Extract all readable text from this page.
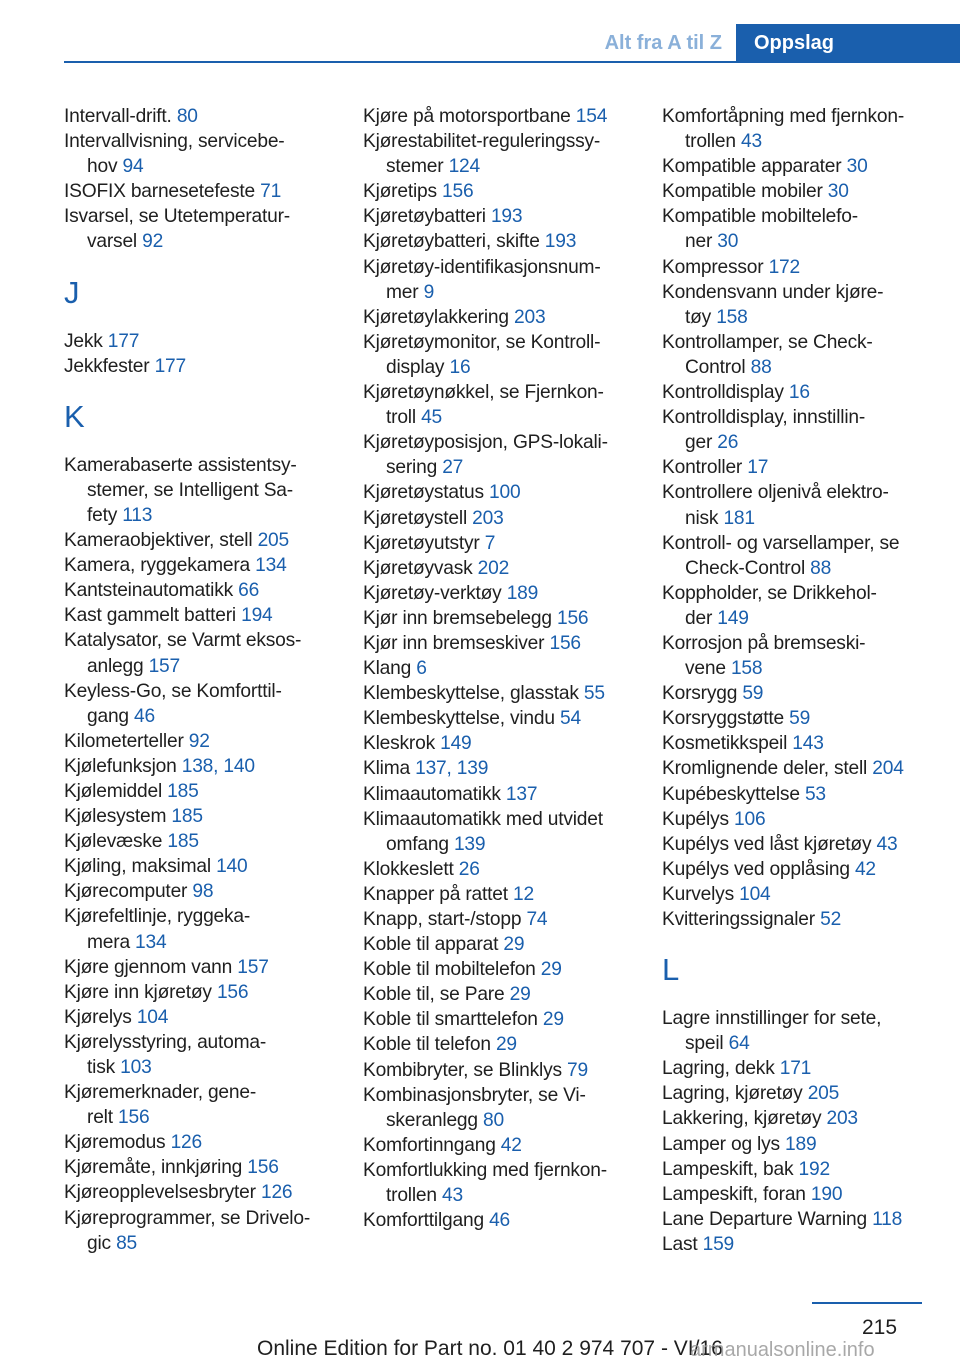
Alt fra A til Z	Oppslag
Intervall-drift. 80
Intervallvisning, servicebe-
hov 94
ISOFIX barnesetefeste 71
Isvarsel, se Utetemperatur-
varsel 92
J
Jekk 177
Jekkfester 177
K
Kamerabaserte assistentsy-
stemer, se Intelligent Sa-
fety 113
Kameraobjektiver, stell 205
Kamera, ryggekamera 134
Kantsteinautomatikk 66
Kast gammelt batteri 194
Katalysator, se Varmt eksos-
anlegg 157
Keyless-Go, se Komforttil-
gang 46
Kilometerteller 92
Kjølefunksjon 138, 140
Kjølemiddel 185
Kjølesystem 185
Kjølevæske 185
Kjøling, maksimal 140
Kjørecomputer 98
Kjørefeltlinje, ryggeka-
mera 134
Kjøre gjennom vann 157
Kjøre inn kjøretøy 156
Kjørelys 104
Kjørelysstyring, automa-
tisk 103
Kjøremerknader, gene-
relt 156
Kjøremodus 126
Kjøremåte, innkjøring 156
Kjøreopplevelsesbryter 126
Kjøreprogrammer, se Drivelo-
gic 85
Kjøre på motorsportbane 154
Kjørestabilitet-reguleringssy-
stemer 124
Kjøretips 156
Kjøretøybatteri 193
Kjøretøybatteri, skifte 193
Kjøretøy-identifikasjonsnum-
mer 9
Kjøretøylakkering 203
Kjøretøymonitor, se Kontroll-
display 16
Kjøretøynøkkel, se Fjernkon-
troll 45
Kjøretøyposisjon, GPS-lokali-
sering 27
Kjøretøystatus 100
Kjøretøystell 203
Kjøretøyutstyr 7
Kjøretøyvask 202
Kjøretøy-verktøy 189
Kjør inn bremsebelegg 156
Kjør inn bremseskiver 156
Klang 6
Klembeskyttelse, glasstak 55
Klembeskyttelse, vindu 54
Kleskrok 149
Klima 137, 139
Klimaautomatikk 137
Klimaautomatikk med utvidet
omfang 139
Klokkeslett 26
Knapper på rattet 12
Knapp, start-/stopp 74
Koble til apparat 29
Koble til mobiltelefon 29
Koble til, se Pare 29
Koble til smarttelefon 29
Koble til telefon 29
Kombibryter, se Blinklys 79
Kombinasjonsbryter, se Vi-
skeranlegg 80
Komfortinngang 42
Komfortlukking med fjernkon-
trollen 43
Komforttilgang 46
Komfortåpning med fjernkon-
trollen 43
Kompatible apparater 30
Kompatible mobiler 30
Kompatible mobiltelefo-
ner 30
Kompressor 172
Kondensvann under kjøre-
tøy 158
Kontrollamper, se Check-
Control 88
Kontrolldisplay 16
Kontrolldisplay, innstillin-
ger 26
Kontroller 17
Kontrollere oljenivå elektro-
nisk 181
Kontroll- og varsellamper, se
Check-Control 88
Koppholder, se Drikkehol-
der 149
Korrosjon på bremseski-
vene 158
Korsrygg 59
Korsryggstøtte 59
Kosmetikkspeil 143
Kromlignende deler, stell 204
Kupébeskyttelse 53
Kupélys 106
Kupélys ved låst kjøretøy 43
Kupélys ved opplåsing 42
Kurvelys 104
Kvitteringssignaler 52
L
Lagre innstillinger for sete,
speil 64
Lagring, dekk 171
Lagring, kjøretøy 205
Lakkering, kjøretøy 203
Lamper og lys 189
Lampeskift, bak 192
Lampeskift, foran 190
Lane Departure Warning 118
Last 159
215
Online Edition for Part no. 01 40 2 974 707 - VI/16
armanualsonline.info
